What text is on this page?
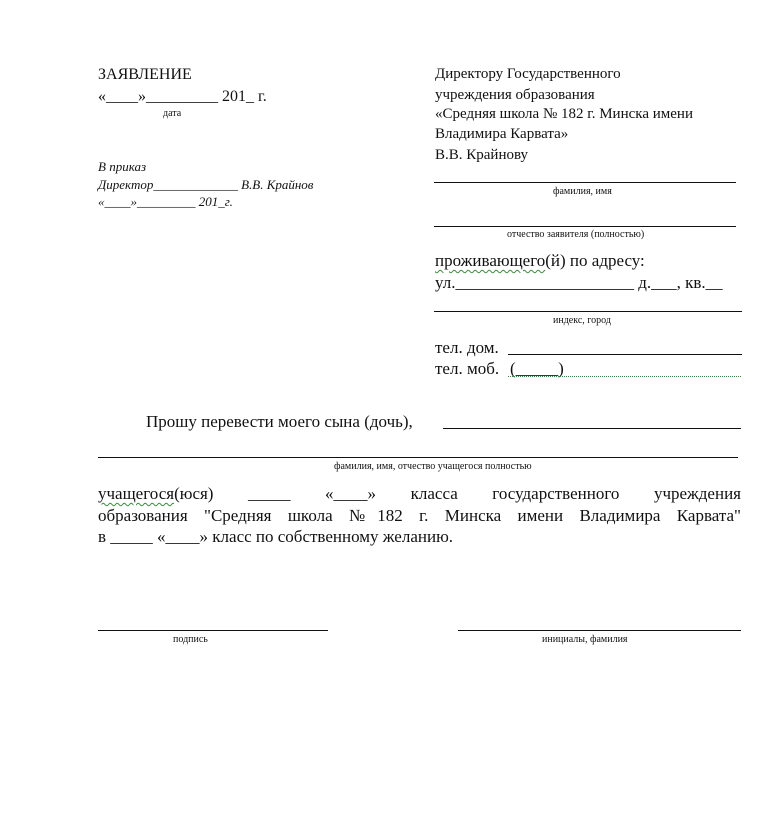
ЗАЯВЛЕНИЕ
«____»_________ 201_ г.
дата
В приказ
Директор_____________ В.В. Крайнов
«____»_________ 201_г.
Директору Государственного
учреждения образования
«Средняя школа № 182 г. Минска имени
Владимира Карвата»
В.В. Крайнову
фамилия, имя
отчество заявителя (полностью)
проживающего(й) по адресу:
ул._____________________ д.___, кв.__
индекс, город
тел. дом.
тел. моб. (_____)
Прошу перевести моего сына (дочь),
фамилия, имя, отчество учащегося полностью
учащегося(юся) _____ «____» класса государственного учреждения
образования "Средняя школа №182 г. Минска имени Владимира Карвата"
в _____ «____» класс по собственному желанию.
подпись	инициалы, фамилия
